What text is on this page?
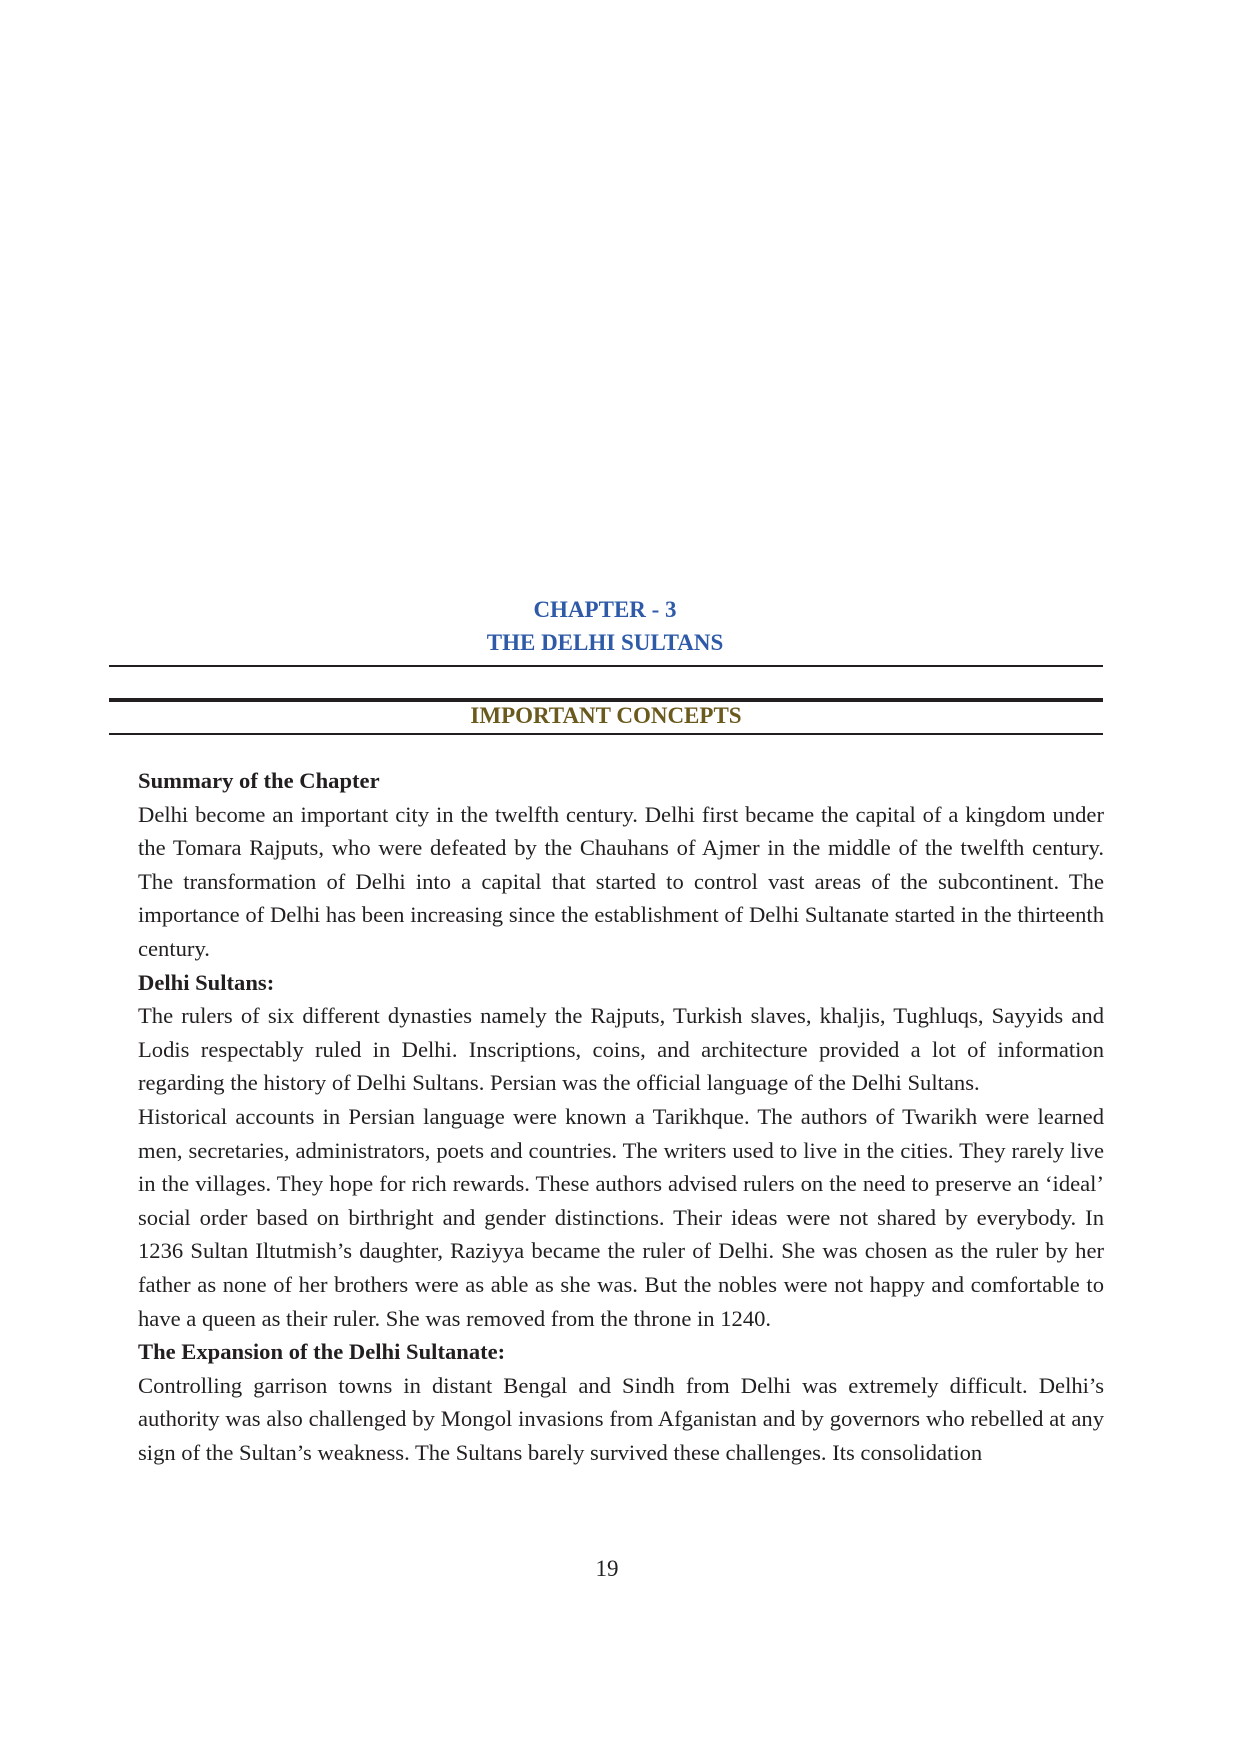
CHAPTER - 3
THE DELHI SULTANS
IMPORTANT CONCEPTS
Summary of the Chapter

Delhi become an important city in the twelfth century. Delhi first became the capital of a kingdom under the Tomara Rajputs, who were defeated by the Chauhans of Ajmer in the middle of the twelfth century. The transformation of Delhi into a capital that started to control vast areas of the subcontinent. The importance of Delhi has been increasing since the establishment of Delhi Sultanate started in the thirteenth century.

Delhi Sultans:

The rulers of six different dynasties namely the Rajputs, Turkish slaves, khaljis, Tughluqs, Sayyids and Lodis respectably ruled in Delhi. Inscriptions, coins, and architecture provided a lot of information regarding the history of Delhi Sultans. Persian was the official language of the Delhi Sultans.

Historical accounts in Persian language were known a Tarikhque. The authors of Twarikh were learned men, secretaries, administrators, poets and countries. The writers used to live in the cities. They rarely live in the villages. They hope for rich rewards. These authors advised rulers on the need to preserve an ‘ideal’ social order based on birthright and gender distinctions. Their ideas were not shared by everybody. In 1236 Sultan Iltutmish’s daughter, Raziyya became the ruler of Delhi. She was chosen as the ruler by her father as none of her brothers were as able as she was. But the nobles were not happy and comfortable to have a queen as their ruler. She was removed from the throne in 1240.

The Expansion of the Delhi Sultanate:

Controlling garrison towns in distant Bengal and Sindh from Delhi was extremely difficult. Delhi’s authority was also challenged by Mongol invasions from Afganistan and by governors who rebelled at any sign of the Sultan’s weakness. The Sultans barely survived these challenges. Its consolidation

19
